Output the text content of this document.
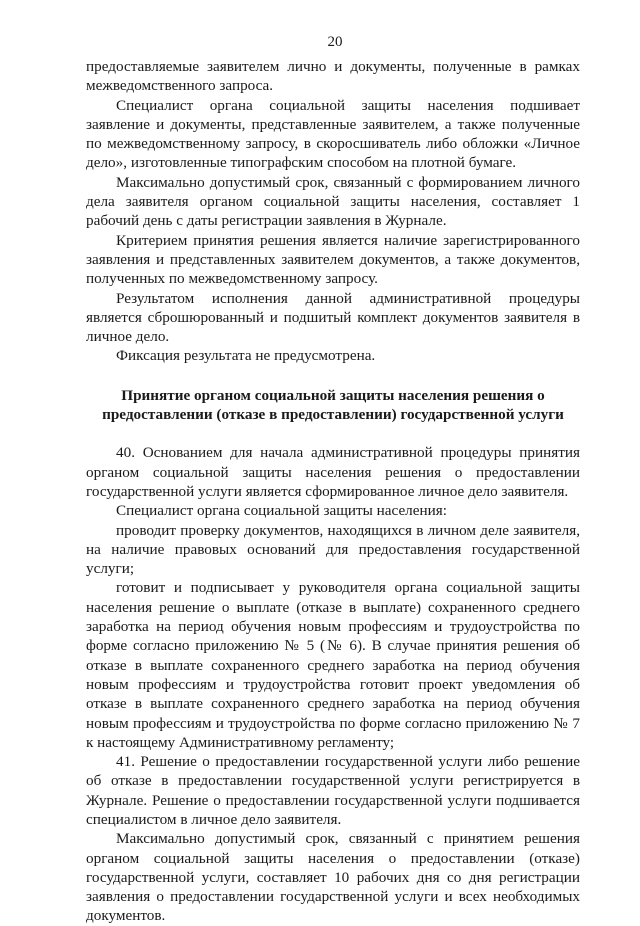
20

предоставляемые заявителем лично и документы, полученные в рамках межведомственного запроса.

Специалист органа социальной защиты населения подшивает заявление и документы, представленные заявителем, а также полученные по межведомственному запросу, в скоросшиватель либо обложки «Личное дело», изготовленные типографским способом на плотной бумаге.

Максимально допустимый срок, связанный с формированием личного дела заявителя органом социальной защиты населения, составляет 1 рабочий день с даты регистрации заявления в Журнале.

Критерием принятия решения является наличие зарегистрированного заявления и представленных заявителем документов, а также документов, полученных по межведомственному запросу.

Результатом исполнения данной административной процедуры является сброшюрованный и подшитый комплект документов заявителя в личное дело.

Фиксация результата не предусмотрена.

Принятие органом социальной защиты населения решения о предоставлении (отказе в предоставлении) государственной услуги

40. Основанием для начала административной процедуры принятия органом социальной защиты населения решения о предоставлении государственной услуги является сформированное личное дело заявителя.

Специалист органа социальной защиты населения:

проводит проверку документов, находящихся в личном деле заявителя, на наличие правовых оснований для предоставления государственной услуги;

готовит и подписывает у руководителя органа социальной защиты населения решение о выплате (отказе в выплате) сохраненного среднего заработка на период обучения новым профессиям и трудоустройства по форме согласно приложению № 5 (№ 6). В случае принятия решения об отказе в выплате сохраненного среднего заработка на период обучения новым профессиям и трудоустройства готовит проект уведомления об отказе в выплате сохраненного среднего заработка на период обучения новым профессиям и трудоустройства по форме согласно приложению № 7 к настоящему Административному регламенту;

41. Решение о предоставлении государственной услуги либо решение об отказе в предоставлении государственной услуги регистрируется в Журнале. Решение о предоставлении государственной услуги подшивается специалистом в личное дело заявителя.

Максимально допустимый срок, связанный с принятием решения органом социальной защиты населения о предоставлении (отказе) государственной услуги, составляет 10 рабочих дня со дня регистрации заявления о предоставлении государственной услуги и всех необходимых документов.
